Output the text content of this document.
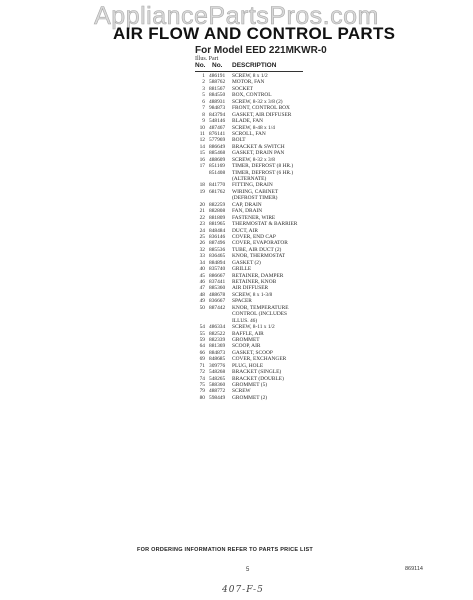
AppliancePartsPros.com
AIR FLOW AND CONTROL PARTS
For Model EED 221MKWR-0
Illus. Part
No. No. DESCRIPTION
1 486191 SCREW, 8 x 1/2
2 588762 MOTOR, FAN
3 881567 SOCKET
5 884550 BOX, CONTROL
6 488931 SCREW, 8-32 x 3/8 (2)
7 984873 FRONT, CONTROL BOX
8 843794 GASKET, AIR DIFFUSER
9 548146 BLADE, FAN
10 487467 SCREW, 8-48 x 1/4
11 876141 SCROLL, FAN
12 577969 BOLT
14 886649 BRACKET & SWITCH
15 885468 GASKET, DRAIN PAN
16 488609 SCREW, 8-32 x 3/8
17 851169 TIMER, DEFROST (8 HR.)
851408 TIMER, DEFROST (6 HR.)
(ALTERNATE)
18 841770 FITTING, DRAIN
19 681762 WIRING, CABINET
(DEFROST TIMER)
20 882259 CAP, DRAIN
21 882808 FAN, DRAIN
22 881809 FASTENER, WIRE
23 881965 THERMOSTAT & BARRIER
24 848484 DUCT, AIR
25 836146 COVER, END CAP
26 887496 COVER, EVAPORATOR
32 885536 TUBE, AIR DUCT (2)
33 836465 KNOB, THERMOSTAT
34 884894 GASKET (2)
40 835740 GRILLE
45 886667 RETAINER, DAMPER
46 837441 RETAINER, KNOB
47 885360 AIR DIFFUSER
48 488678 SCREW, 8 x 1-3/8
49 836667 SPACER
50 887442 KNOB, TEMPERATURE
CONTROL (INCLUDES
ILLUS. 46)
54 486334 SCREW, 8-11 x 1/2
55 882522 BAFFLE, AIR
59 882339 GROMMET
64 881369 SCOOP, AIR
66 884873 GASKET, SCOOP
69 848685 COVER, EXCHANGER
71 309776 PLUG, HOLE
72 548268 BRACKET (SINGLE)
74 548265 BRACKET (DOUBLE)
75 588360 GROMMET (5)
79 488772 SCREW
80 598449 GROMMET (2)
FOR ORDERING INFORMATION REFER TO PARTS PRICE LIST
5	869114
407-F-5
